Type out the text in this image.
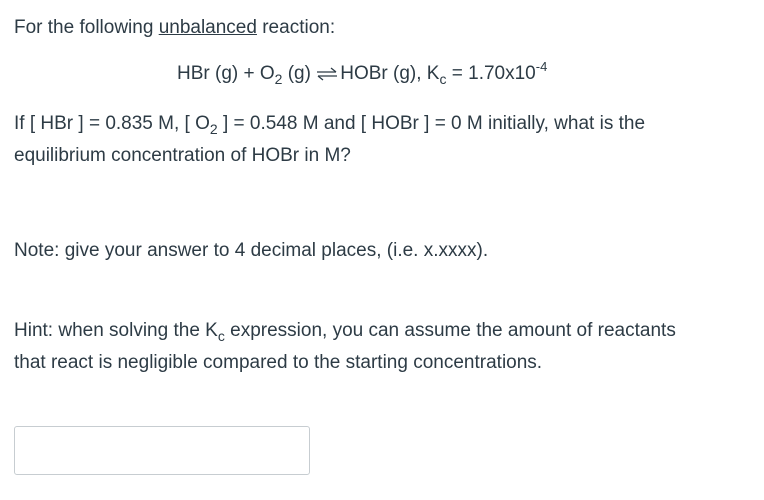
For the following unbalanced reaction:
HBr $(g) + O_2$ (g) ⇌ HOBr (g), $K_c = 1.70x10^{-4}$
If [ HBr ] = 0.835 M, [ $O_2$ ] = 0.548 M and [ HOBr ] = 0 M initially, what is the
equilibrium concentration of HOBr in M?
Note: give your answer to 4 decimal places, (i.e. x.xxxx).
Hint: when solving the $K_c$ expression, you can assume the amount of reactants
that react is negligible compared to the starting concentrations.
